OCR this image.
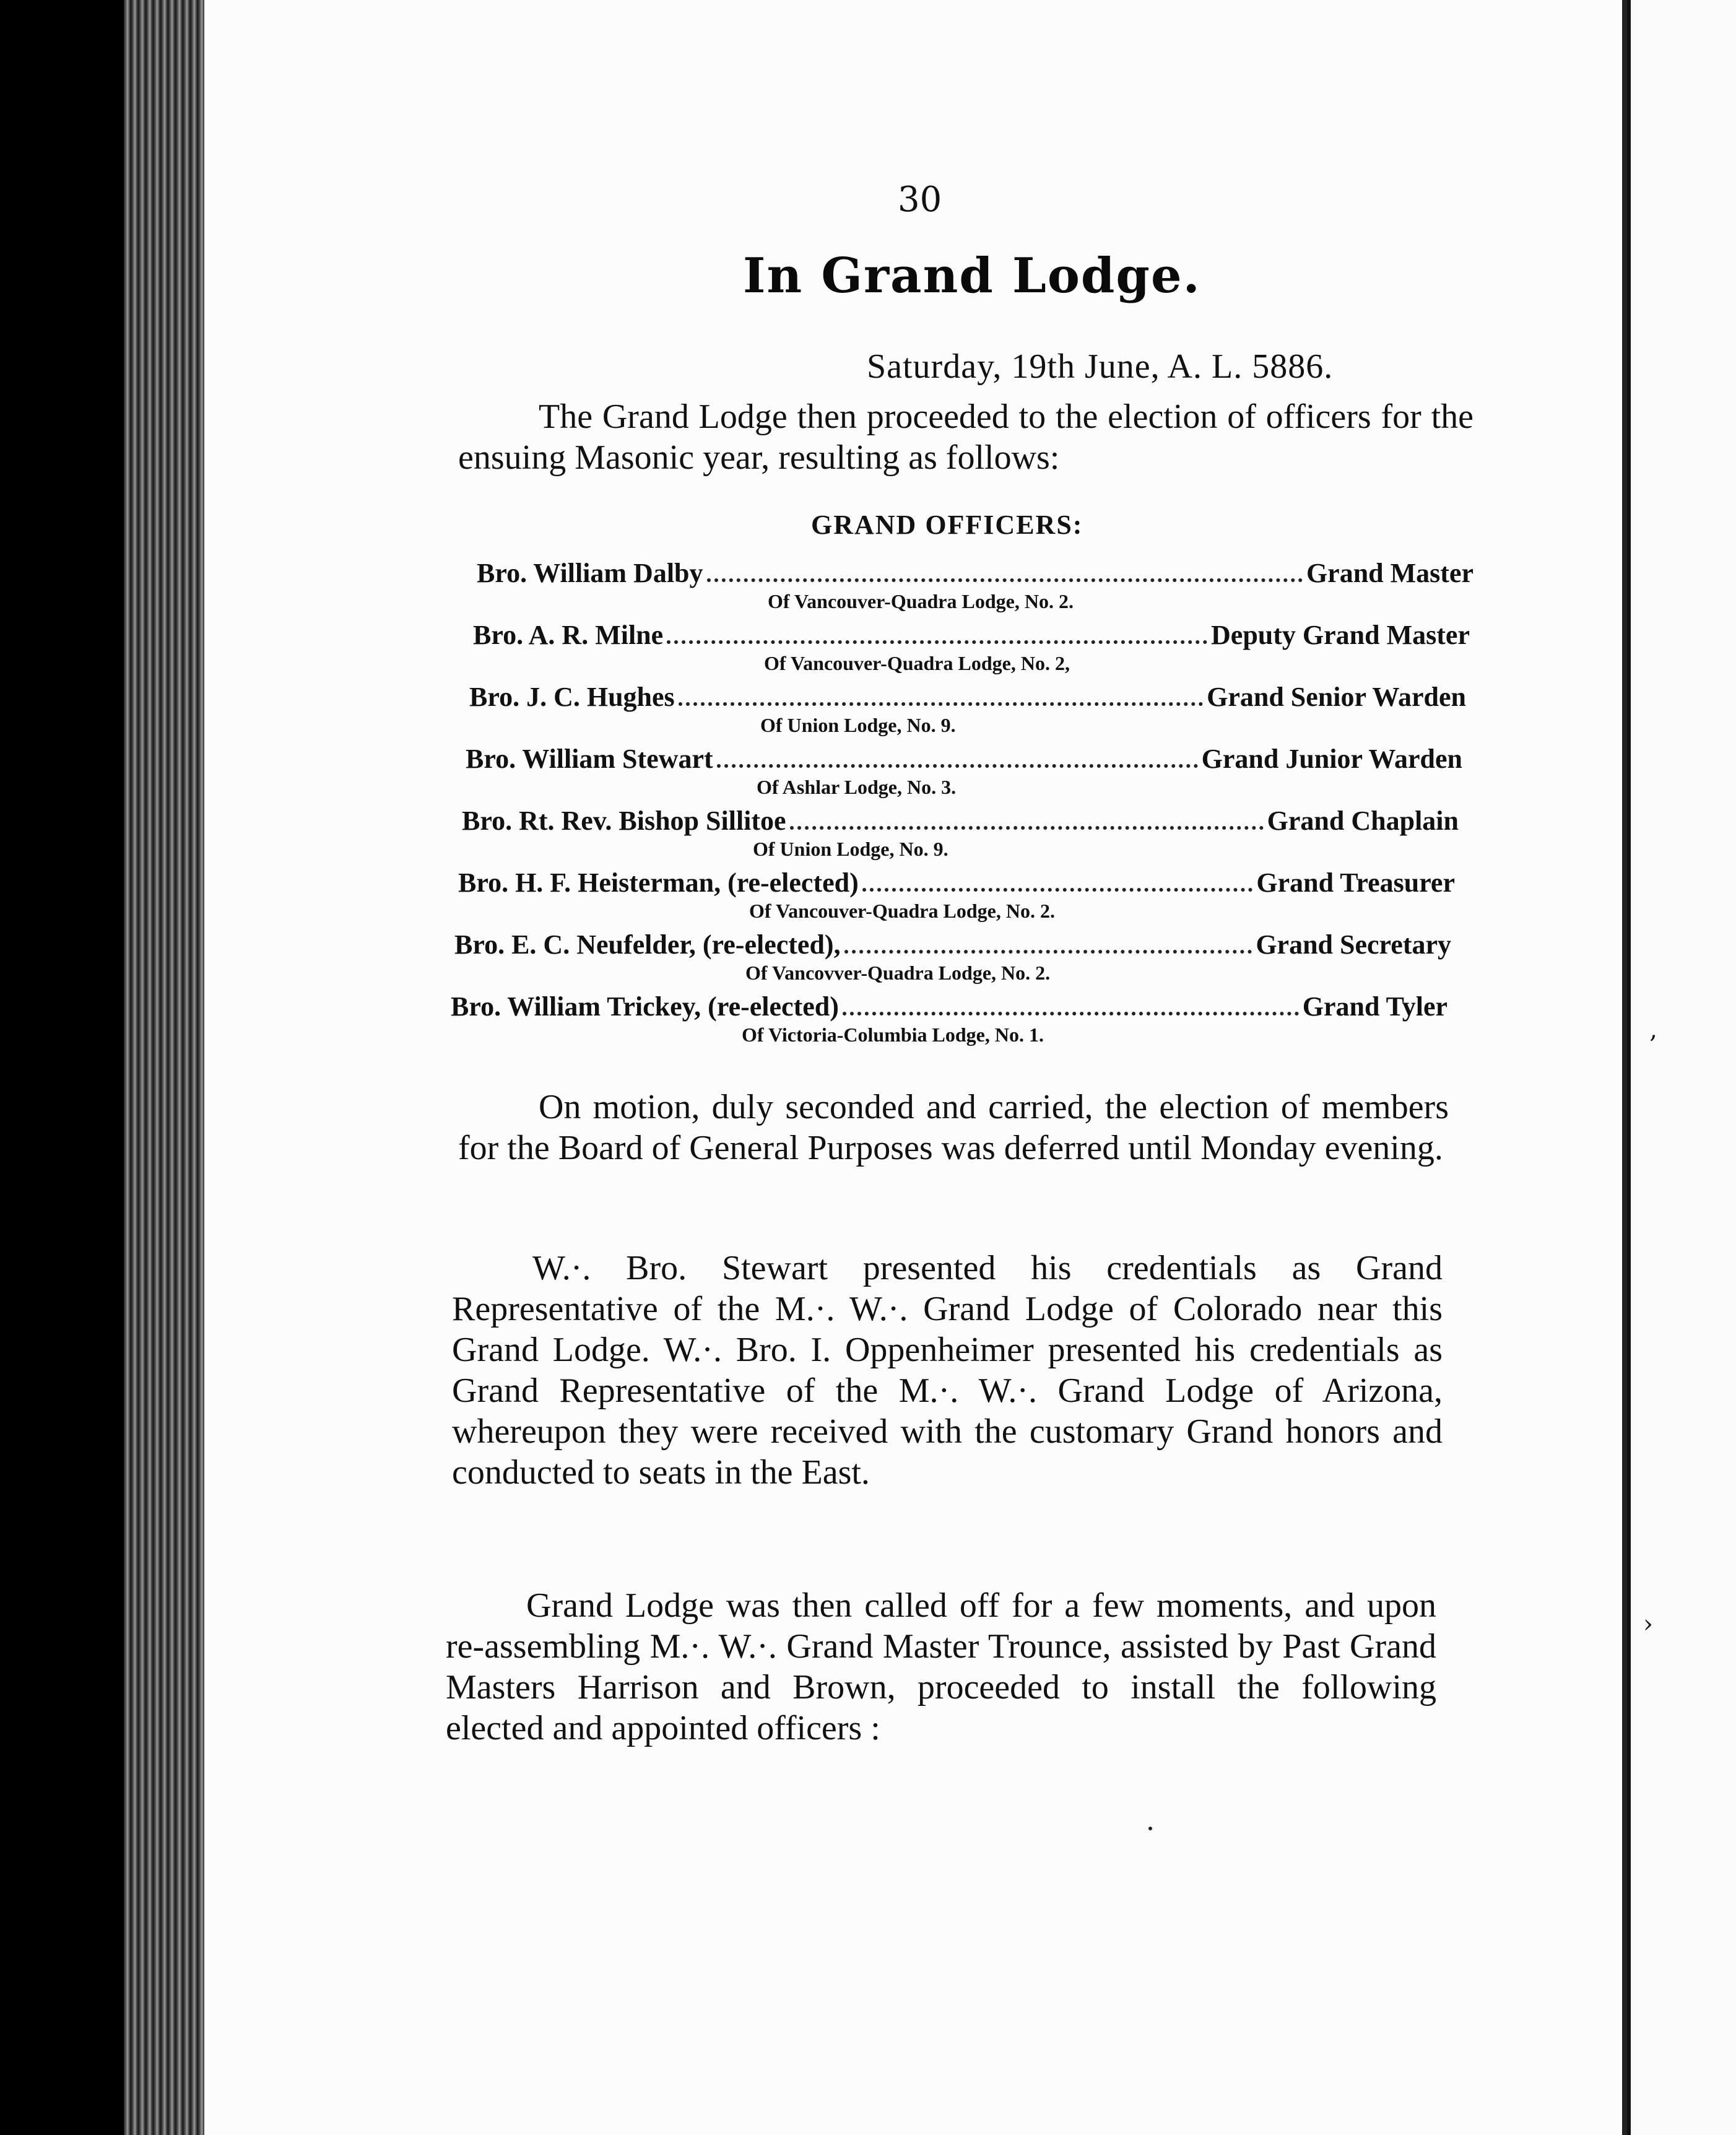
‚
›
30
In Grand Lodge.
Saturday, 19th June, A. L. 5886.
The Grand Lodge then proceeded to the election of officers for the ensuing Masonic year, resulting as follows:
GRAND OFFICERS:
Bro. William Dalby	Grand Master
Of Vancouver-Quadra Lodge, No. 2.
Bro. A. R. Milne	Deputy Grand Master
Of Vancouver-Quadra Lodge, No. 2,
Bro. J. C. Hughes	Grand Senior Warden
Of Union Lodge, No. 9.
Bro. William Stewart	Grand Junior Warden
Of Ashlar Lodge, No. 3.
Bro. Rt. Rev. Bishop Sillitoe	Grand Chaplain
Of Union Lodge, No. 9.
Bro. H. F. Heisterman, (re-elected)	Grand Treasurer
Of Vancouver-Quadra Lodge, No. 2.
Bro. E. C. Neufelder, (re-elected),	Grand Secretary
Of Vancovver-Quadra Lodge, No. 2.
Bro. William Trickey, (re-elected)	Grand Tyler
Of Victoria-Columbia Lodge, No. 1.
On motion, duly seconded and carried, the election of members for the Board of General Purposes was deferred until Monday evening.
W.·. Bro. Stewart presented his credentials as Grand Representative of the M.·. W.·. Grand Lodge of Colorado near this Grand Lodge. W.·. Bro. I. Oppenheimer presented his credentials as Grand Representative of the M.·. W.·. Grand Lodge of Arizona, whereupon they were received with the customary Grand honors and conducted to seats in the East.
Grand Lodge was then called off for a few moments, and upon re-assembling M.·. W.·. Grand Master Trounce, assisted by Past Grand Masters Harrison and Brown, proceeded to install the following elected and appointed officers :
